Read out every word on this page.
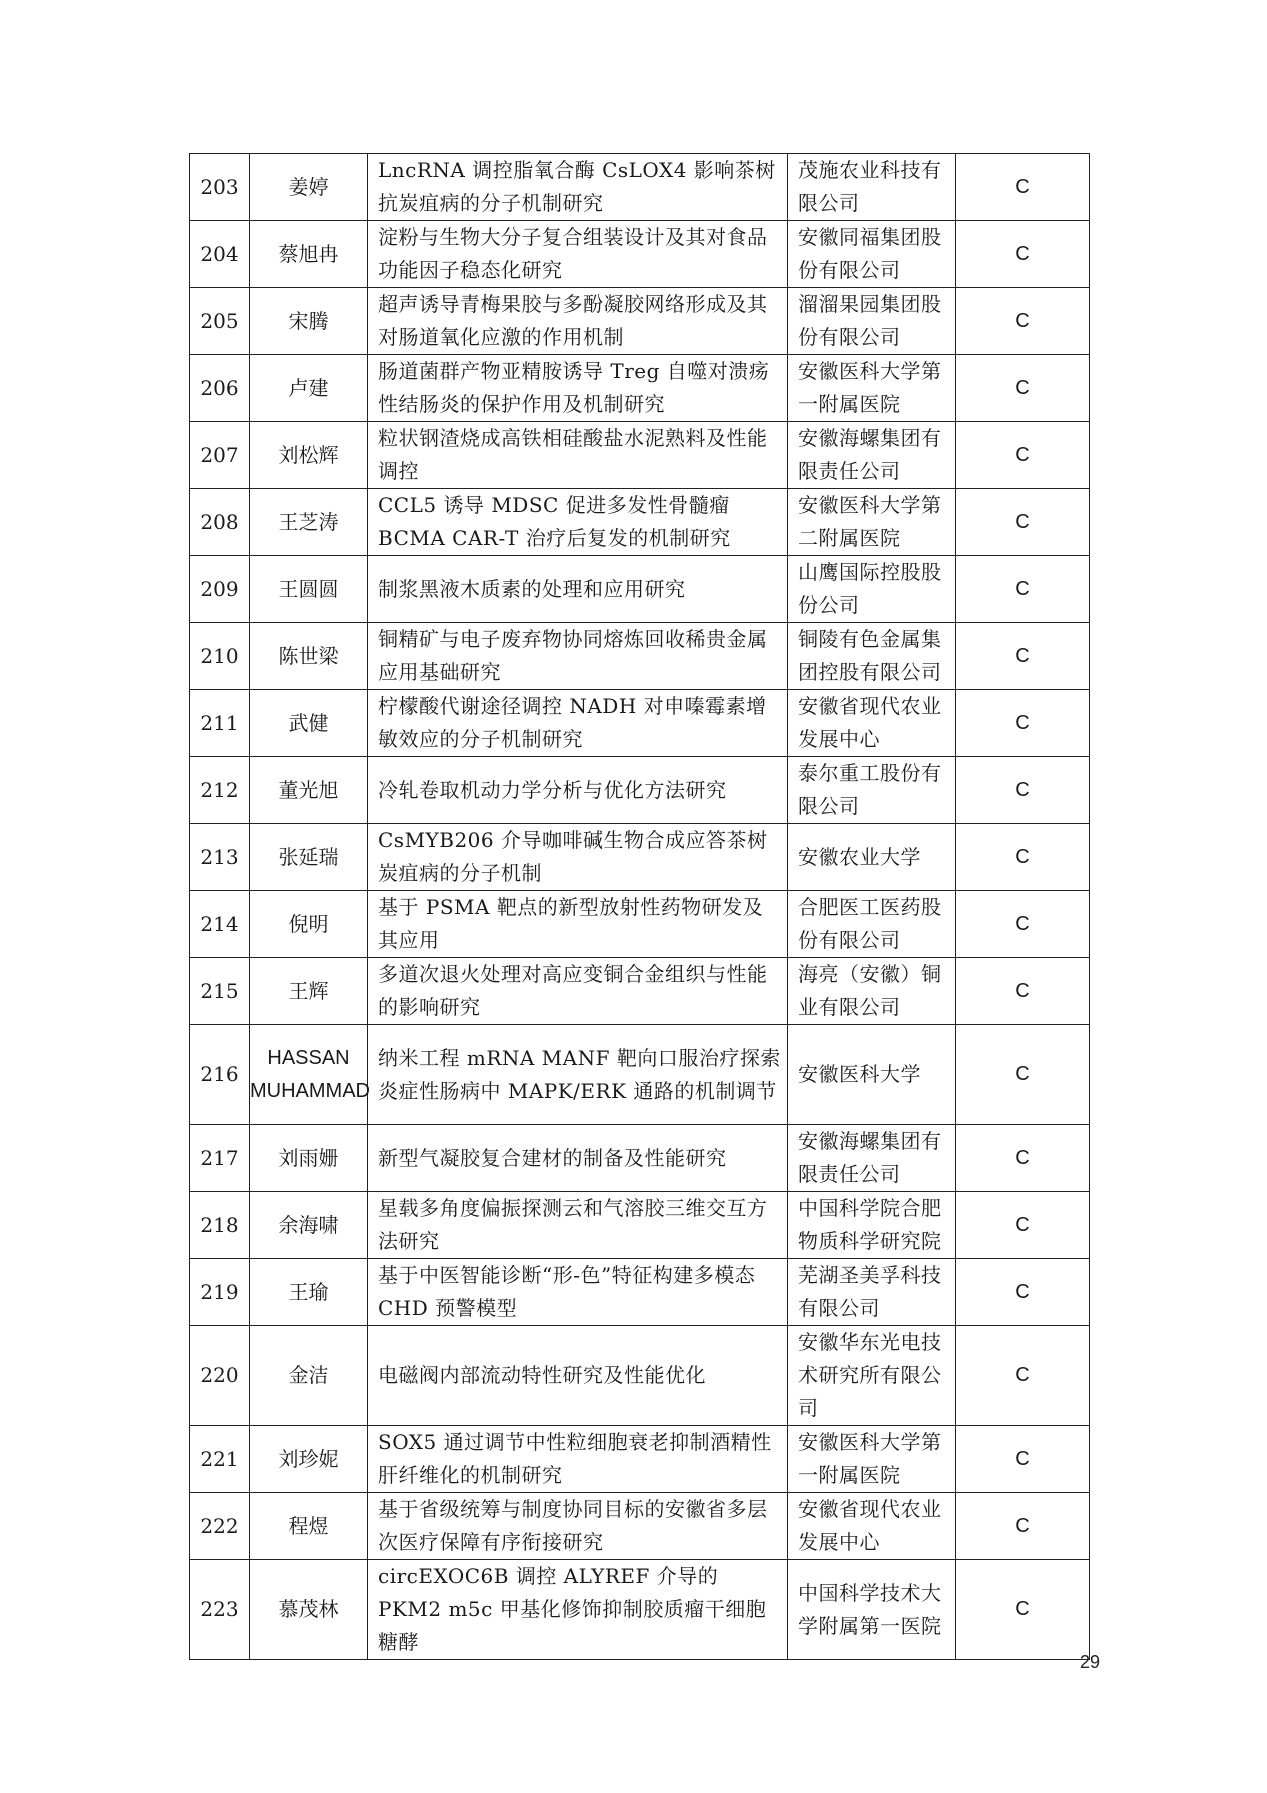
203	姜婷	LncRNA 调控脂氧合酶 CsLOX4 影响茶树抗炭疽病的分子机制研究	茂施农业科技有限公司	C
204	蔡旭冉	淀粉与生物大分子复合组装设计及其对食品功能因子稳态化研究	安徽同福集团股份有限公司	C
205	宋腾	超声诱导青梅果胶与多酚凝胶网络形成及其对肠道氧化应激的作用机制	溜溜果园集团股份有限公司	C
206	卢建	肠道菌群产物亚精胺诱导 Treg 自噬对溃疡性结肠炎的保护作用及机制研究	安徽医科大学第一附属医院	C
207	刘松辉	粒状钢渣烧成高铁相硅酸盐水泥熟料及性能调控	安徽海螺集团有限责任公司	C
208	王芝涛	CCL5 诱导 MDSC 促进多发性骨髓瘤 BCMA CAR-T 治疗后复发的机制研究	安徽医科大学第二附属医院	C
209	王圆圆	制浆黑液木质素的处理和应用研究	山鹰国际控股股份公司	C
210	陈世梁	铜精矿与电子废弃物协同熔炼回收稀贵金属应用基础研究	铜陵有色金属集团控股有限公司	C
211	武健	柠檬酸代谢途径调控 NADH 对申嗪霉素增敏效应的分子机制研究	安徽省现代农业发展中心	C
212	董光旭	冷轧卷取机动力学分析与优化方法研究	泰尔重工股份有限公司	C
213	张延瑞	CsMYB206 介导咖啡碱生物合成应答茶树炭疽病的分子机制	安徽农业大学	C
214	倪明	基于 PSMA 靶点的新型放射性药物研发及其应用	合肥医工医药股份有限公司	C
215	王辉	多道次退火处理对高应变铜合金组织与性能的影响研究	海亮（安徽）铜业有限公司	C
216	HASSAN MUHAMMAD	纳米工程 mRNA MANF 靶向口服治疗探索炎症性肠病中 MAPK/ERK 通路的机制调节	安徽医科大学	C
217	刘雨姗	新型气凝胶复合建材的制备及性能研究	安徽海螺集团有限责任公司	C
218	余海啸	星载多角度偏振探测云和气溶胶三维交互方法研究	中国科学院合肥物质科学研究院	C
219	王瑜	基于中医智能诊断“形-色”特征构建多模态 CHD 预警模型	芜湖圣美孚科技有限公司	C
220	金洁	电磁阀内部流动特性研究及性能优化	安徽华东光电技术研究所有限公司	C
221	刘珍妮	SOX5 通过调节中性粒细胞衰老抑制酒精性肝纤维化的机制研究	安徽医科大学第一附属医院	C
222	程煜	基于省级统筹与制度协同目标的安徽省多层次医疗保障有序衔接研究	安徽省现代农业发展中心	C
223	慕茂林	circEXOC6B 调控 ALYREF 介导的 PKM2 m5c 甲基化修饰抑制胶质瘤干细胞糖酵	中国科学技术大学附属第一医院	C
29
